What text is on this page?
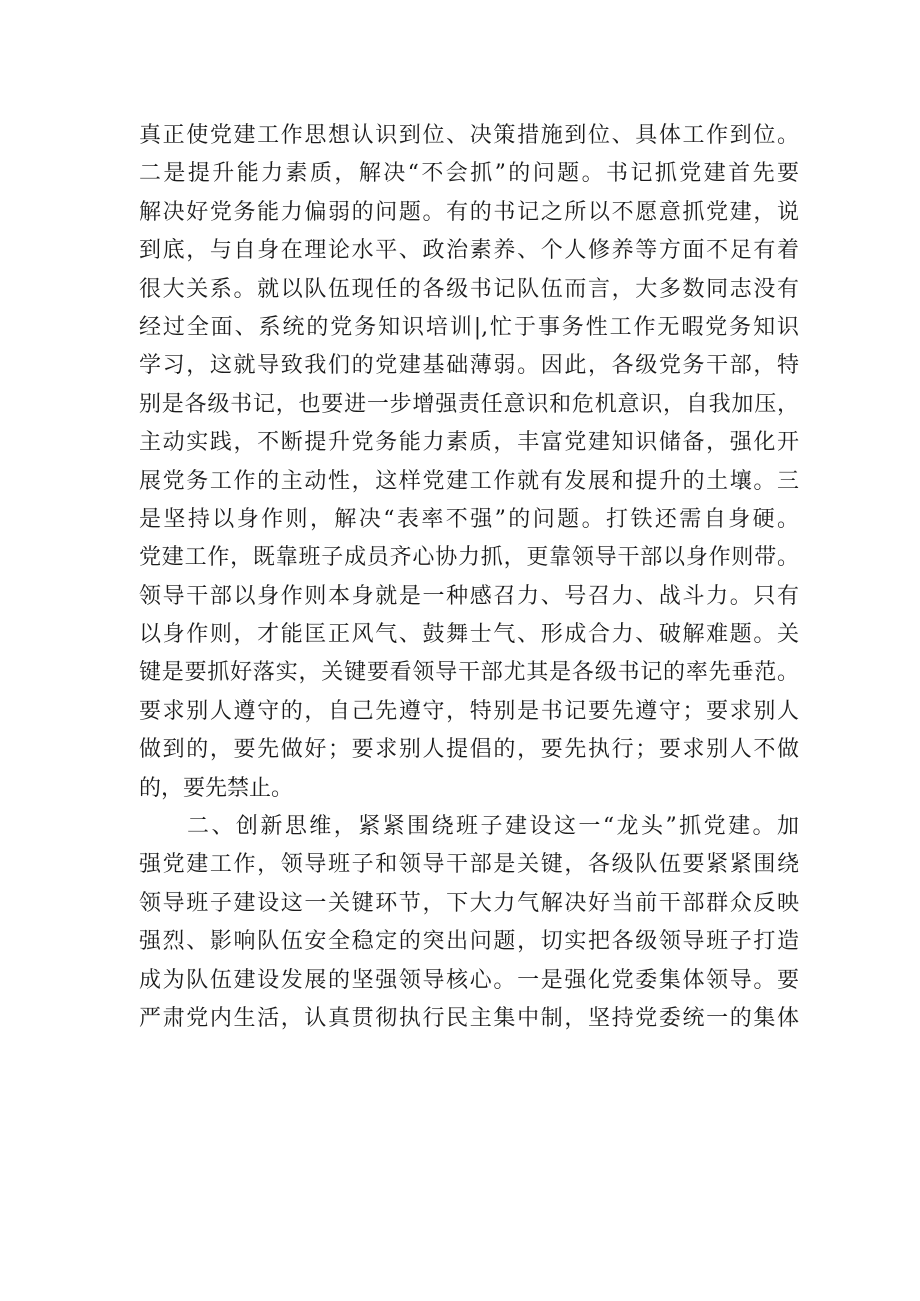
真正使党建工作思想认识到位、决策措施到位、具体工作到位。
二是提升能力素质，解决“不会抓”的问题。书记抓党建首先要
解决好党务能力偏弱的问题。有的书记之所以不愿意抓党建，说
到底，与自身在理论水平、政治素养、个人修养等方面不足有着
很大关系。就以队伍现任的各级书记队伍而言，大多数同志没有
经过全面、系统的党务知识培训|,忙于事务性工作无暇党务知识
学习，这就导致我们的党建基础薄弱。因此，各级党务干部，特
别是各级书记，也要进一步增强责任意识和危机意识，自我加压，
主动实践，不断提升党务能力素质，丰富党建知识储备，强化开
展党务工作的主动性，这样党建工作就有发展和提升的土壤。三
是坚持以身作则，解决“表率不强”的问题。打铁还需自身硬。
党建工作，既靠班子成员齐心协力抓，更靠领导干部以身作则带。
领导干部以身作则本身就是一种感召力、号召力、战斗力。只有
以身作则，才能匡正风气、鼓舞士气、形成合力、破解难题。关
键是要抓好落实，关键要看领导干部尤其是各级书记的率先垂范。
要求别人遵守的，自己先遵守，特别是书记要先遵守；要求别人
做到的，要先做好；要求别人提倡的，要先执行；要求别人不做
的，要先禁止。
二、创新思维，紧紧围绕班子建设这一“龙头”抓党建。加
强党建工作，领导班子和领导干部是关键，各级队伍要紧紧围绕
领导班子建设这一关键环节，下大力气解决好当前干部群众反映
强烈、影响队伍安全稳定的突出问题，切实把各级领导班子打造
成为队伍建设发展的坚强领导核心。一是强化党委集体领导。要
严肃党内生活，认真贯彻执行民主集中制，坚持党委统一的集体
